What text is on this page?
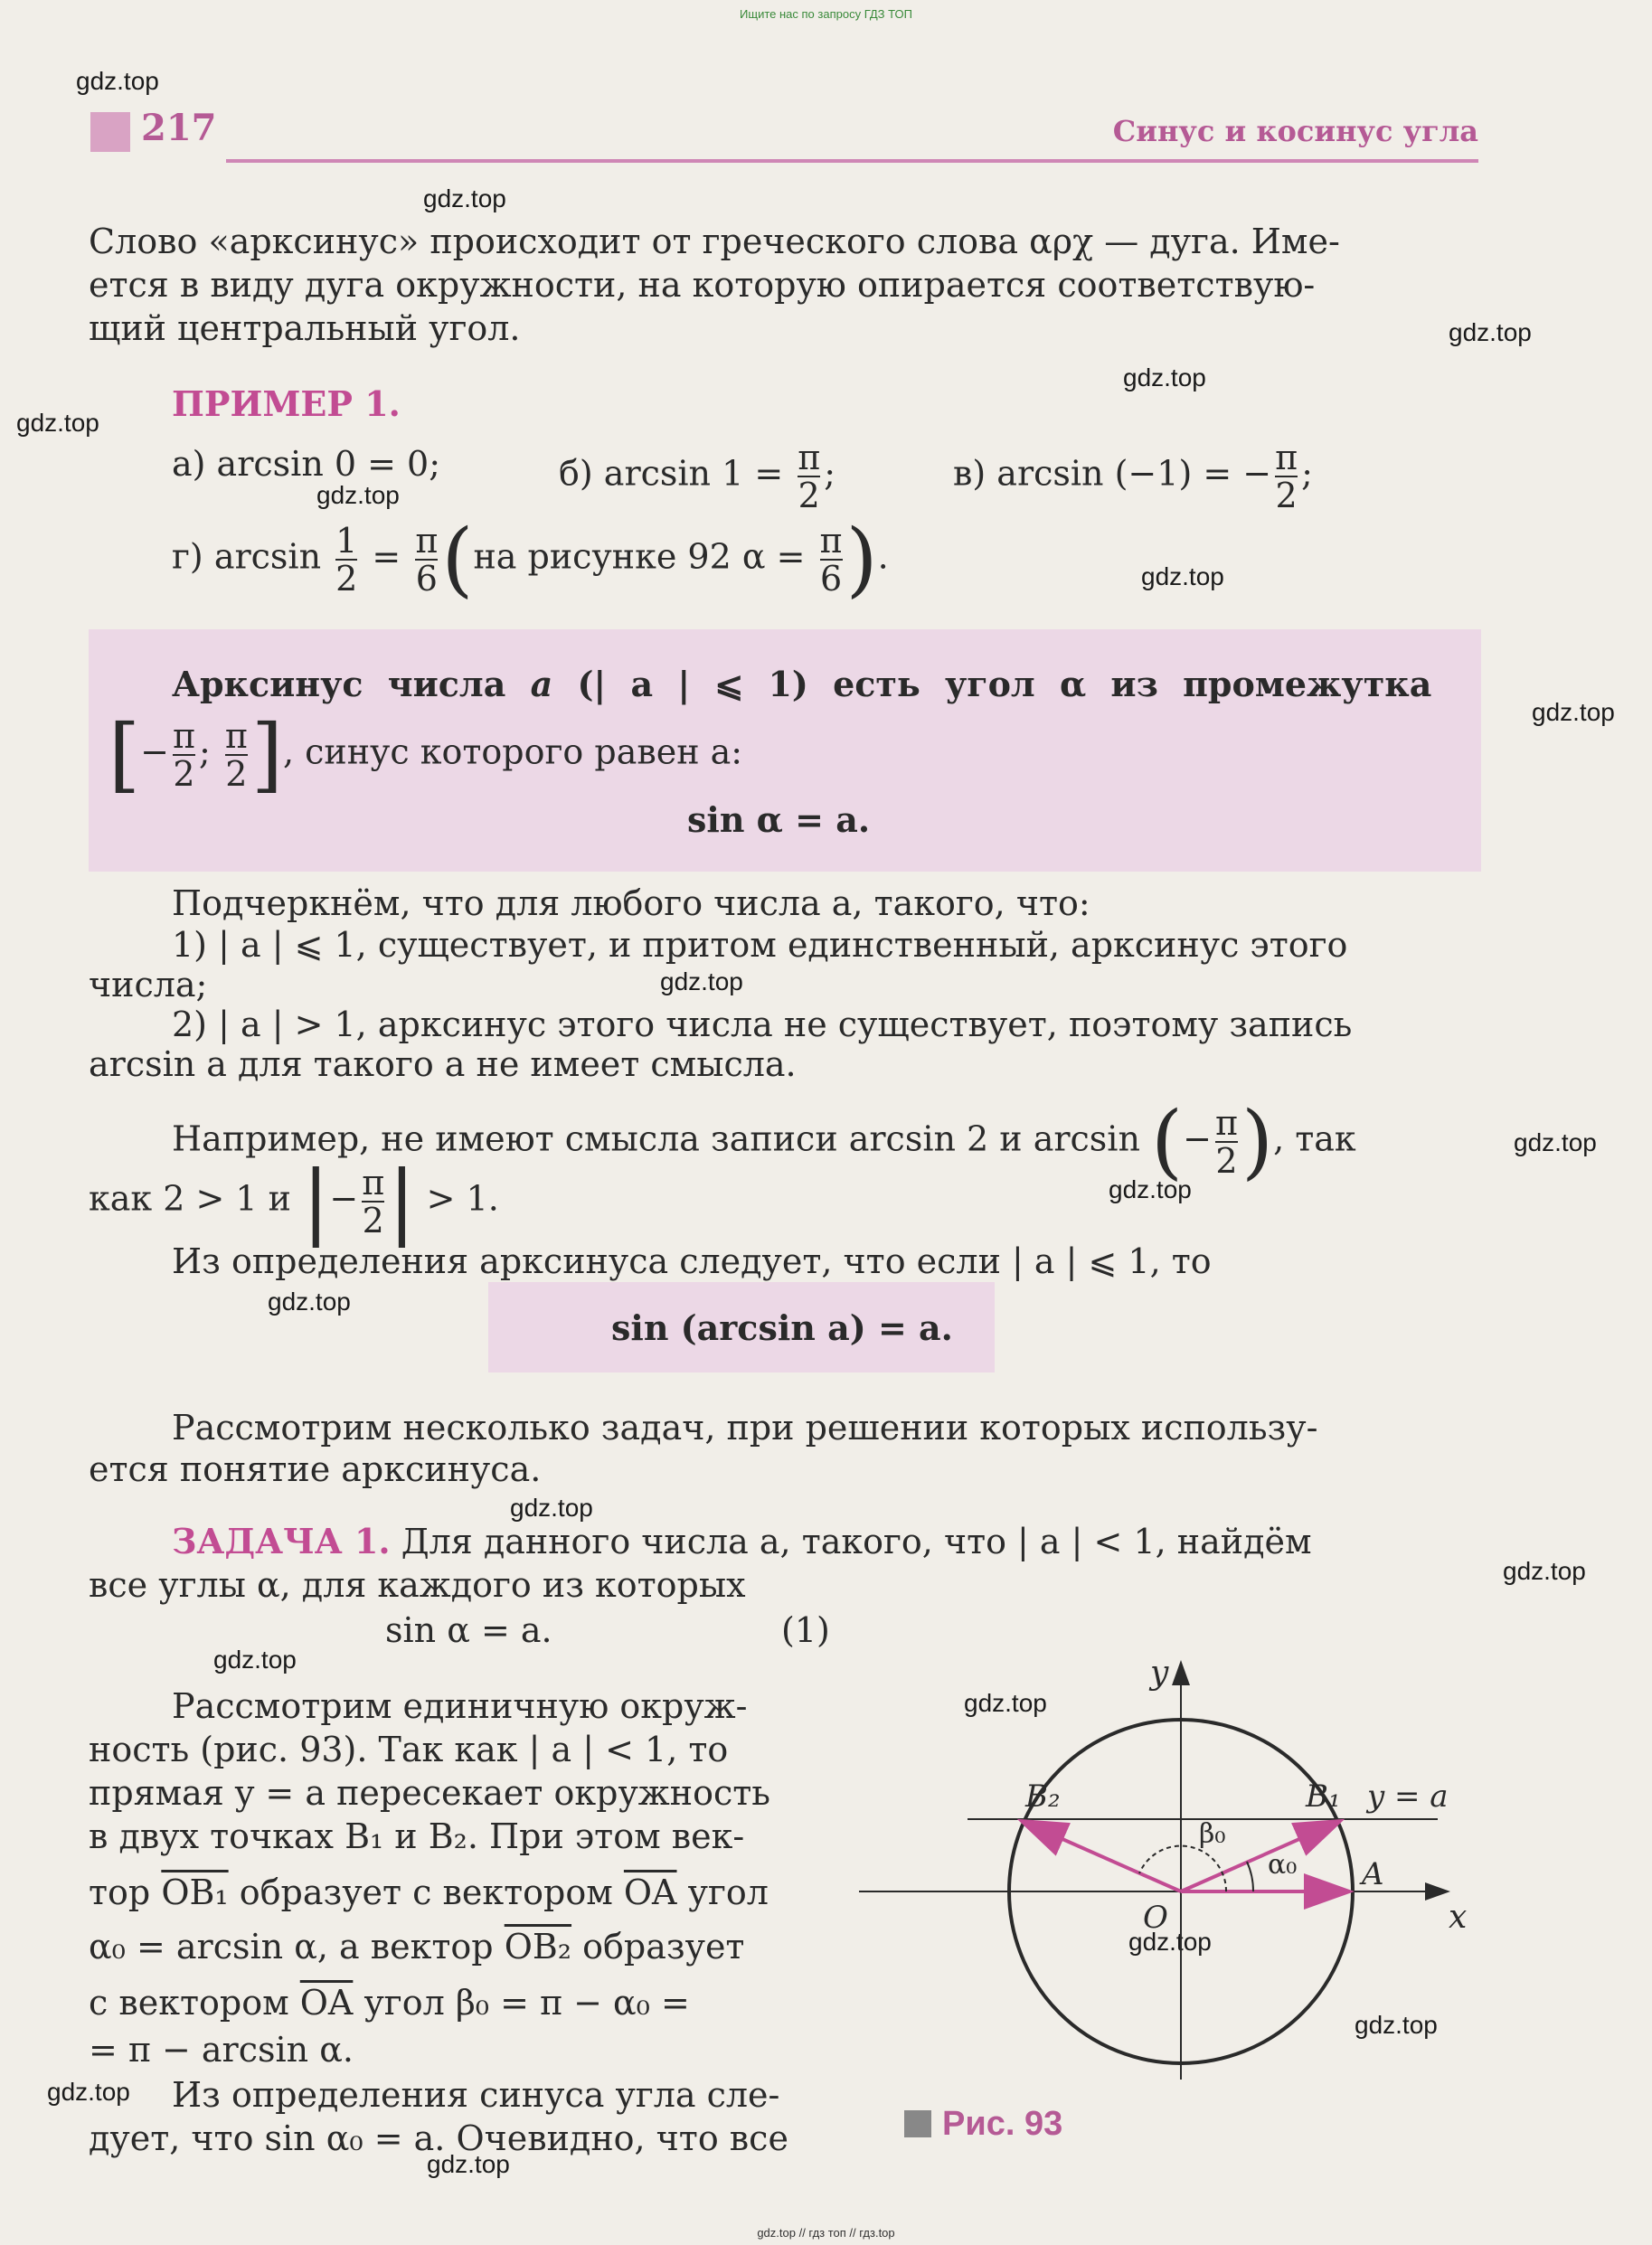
Ищите нас по запросу ГДЗ ТОП
gdz.top
gdz.top
gdz.top
gdz.top
gdz.top
gdz.top
gdz.top
gdz.top
gdz.top
gdz.top
gdz.top
gdz.top
gdz.top
gdz.top
gdz.top
gdz.top
gdz.top
gdz.top
gdz.top
gdz.top
217	Синус и косинус угла
Слово «арксинус» происходит от греческого слова αρχ — дуга. Име-
ется в виду дуга окружности, на которую опирается соответствую-
щий центральный угол.
ПРИМЕР 1.
а) arcsin 0 = 0;	б) $\arcsin 1 = \frac{\pi}{2}$ ;	в) arcsin (−1) = − $\frac{\pi}{2}$ ;
г) $\arcsin \frac{1}{2} = \frac{\pi}{6} (на$ рисунке 92 $\alpha = \frac{\pi}{6}$ ).
Арксинус числа a (| a | ⩽ 1) есть угол α из промежутка
[− $\frac{\pi}{2}$ ; $\frac{\pi}{2}$ ], синус которого равен a:
sin α = a.
Подчеркнём, что для любого числа a, такого, что:
1) | a | ⩽ 1, существует, и притом единственный, арксинус этого
числа;
2) | a | > 1, арксинус этого числа не существует, поэтому запись
arcsin a для такого a не имеет смысла.
Например, не имеют смысла записи arcsin 2 и arcsin (− $\frac{\pi}{2}$ ), так
как 2 > 1 и |− $\frac{\pi}{2}$ | > 1.
Из определения арксинуса следует, что если | a | ⩽ 1, то
sin (arcsin a) = a.
Рассмотрим несколько задач, при решении которых использу-
ется понятие арксинуса.
ЗАДАЧА 1. Для данного числа a, такого, что | a | < 1, найдём
все углы α, для каждого из которых
sin α = a.	(1)
Рассмотрим единичную окруж-
ность (рис. 93). Так как | a | < 1, то
прямая y = a пересекает окружность
в двух точках B₁ и B₂. При этом век-
тор OB₁ образует с вектором $\overline{OA}$ угол
α₀ = arcsin α, а вектор OB₂ образует
с вектором $\overline{OA}$ угол β₀ = π − α₀ =
= π − arcsin α.
Из определения синуса угла сле-
дует, что sin α₀ = a. Очевидно, что все
y
x
O
A
B₁
B₂	y = a
α₀
β₀
Рис. 93
gdz.top // гдз топ // гдз.top
